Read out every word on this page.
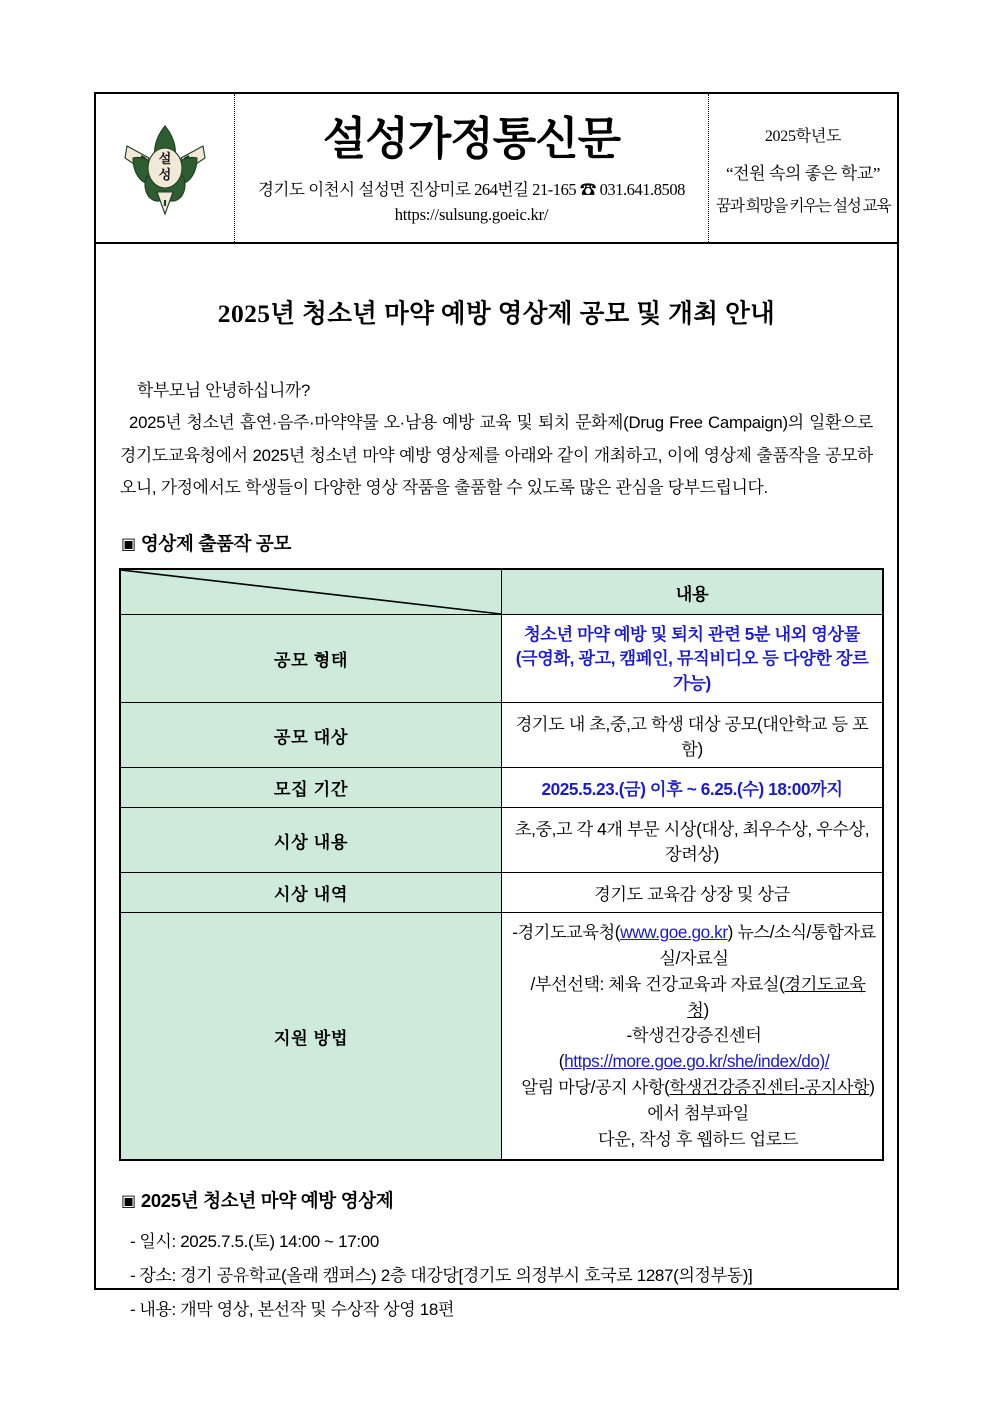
설
성
설성가정통신문
경기도 이천시 설성면 진상미로 264번길 21-165 ☎ 031.641.8508
https://sulsung.goeic.kr/
2025학년도
“전원 속의 좋은 학교”
꿈과 희망을 키우는 설성 교육
2025년 청소년 마약 예방 영상제 공모 및 개최 안내
학부모님 안녕하십니까?
2025년 청소년 흡연·음주·마약약물 오·남용 예방 교육 및 퇴치 문화제(Drug Free Campaign)의 일환으로 경기도교육청에서 2025년 청소년 마약 예방 영상제를 아래와 같이 개최하고, 이에 영상제 출품작을 공모하오니, 가정에서도 학생들이 다양한 영상 작품을 출품할 수 있도록 많은 관심을 당부드립니다.
▣ 영상제 출품작 공모
	내용
공모 형태	청소년 마약 예방 및 퇴치 관련 5분 내외 영상물
(극영화, 광고, 캠페인, 뮤직비디오 등 다양한 장르 가능)
공모 대상	경기도 내 초,중,고 학생 대상 공모(대안학교 등 포함)
모집 기간	2025.5.23.(금) 이후 ~ 6.25.(수) 18:00까지
시상 내용	초,중,고 각 4개 부문 시상(대상, 최우수상, 우수상, 장려상)
시상 내역	경기도 교육감 상장 및 상금
지원 방법	-경기도교육청(www.goe.go.kr) 뉴스/소식/통합자료실/자료실

/부선선택: 체육 건강교육과 자료실(경기도교육청)
-학생건강증진센터(https://more.goe.go.kr/she/index/do)/

알림 마당/공지 사항(학생건강증진센터-공지사항)에서 첨부파일
다운, 작성 후 웹하드 업로드
▣ 2025년 청소년 마약 예방 영상제
- 일시: 2025.7.5.(토) 14:00 ~ 17:00
- 장소: 경기 공유학교(올래 캠퍼스) 2층 대강당[경기도 의정부시 호국로 1287(의정부동)]
- 내용: 개막 영상, 본선작 및 수상작 상영 18편
